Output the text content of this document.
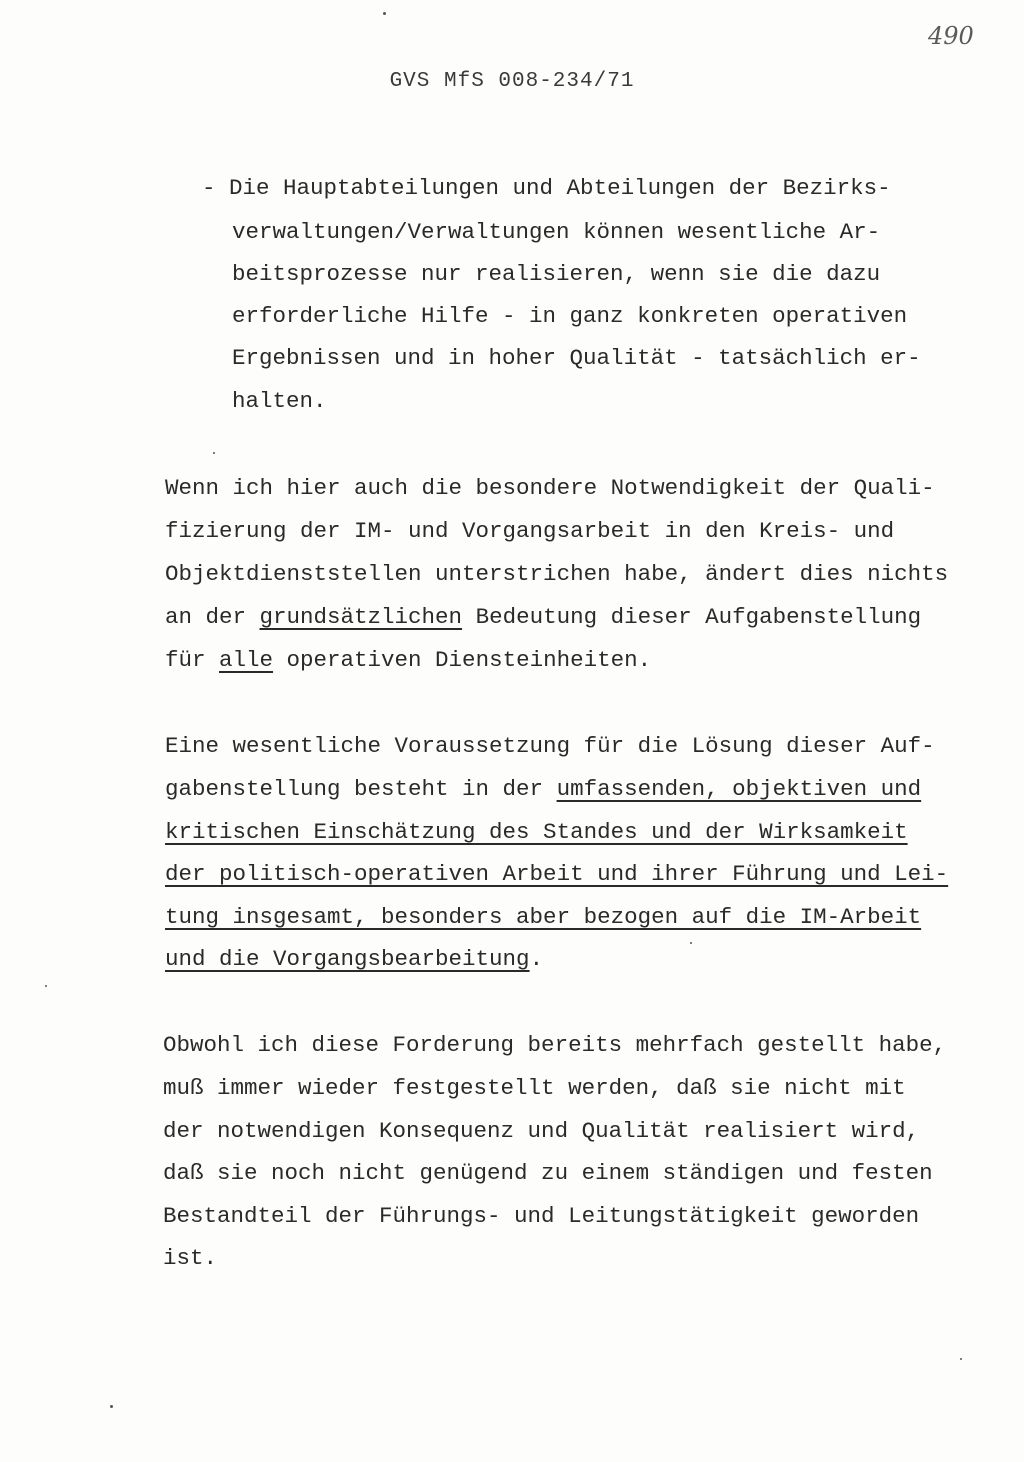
490
GVS MfS 008-234/71
- Die Hauptabteilungen und Abteilungen der Bezirks-
verwaltungen/Verwaltungen können wesentliche Ar-
beitsprozesse nur realisieren, wenn sie die dazu
erforderliche Hilfe - in ganz konkreten operativen
Ergebnissen und in hoher Qualität - tatsächlich er-
halten.
Wenn ich hier auch die besondere Notwendigkeit der Quali-
fizierung der IM- und Vorgangsarbeit in den Kreis- und
Objektdienststellen unterstrichen habe, ändert dies nichts
an der grundsätzlichen Bedeutung dieser Aufgabenstellung
für alle operativen Diensteinheiten.
Eine wesentliche Voraussetzung für die Lösung dieser Auf-
gabenstellung besteht in der umfassenden, objektiven und
kritischen Einschätzung des Standes und der Wirksamkeit
der politisch-operativen Arbeit und ihrer Führung und Lei-
tung insgesamt, besonders aber bezogen auf die IM-Arbeit
und die Vorgangsbearbeitung.
Obwohl ich diese Forderung bereits mehrfach gestellt habe,
muß immer wieder festgestellt werden, daß sie nicht mit
der notwendigen Konsequenz und Qualität realisiert wird,
daß sie noch nicht genügend zu einem ständigen und festen
Bestandteil der Führungs- und Leitungstätigkeit geworden
ist.
